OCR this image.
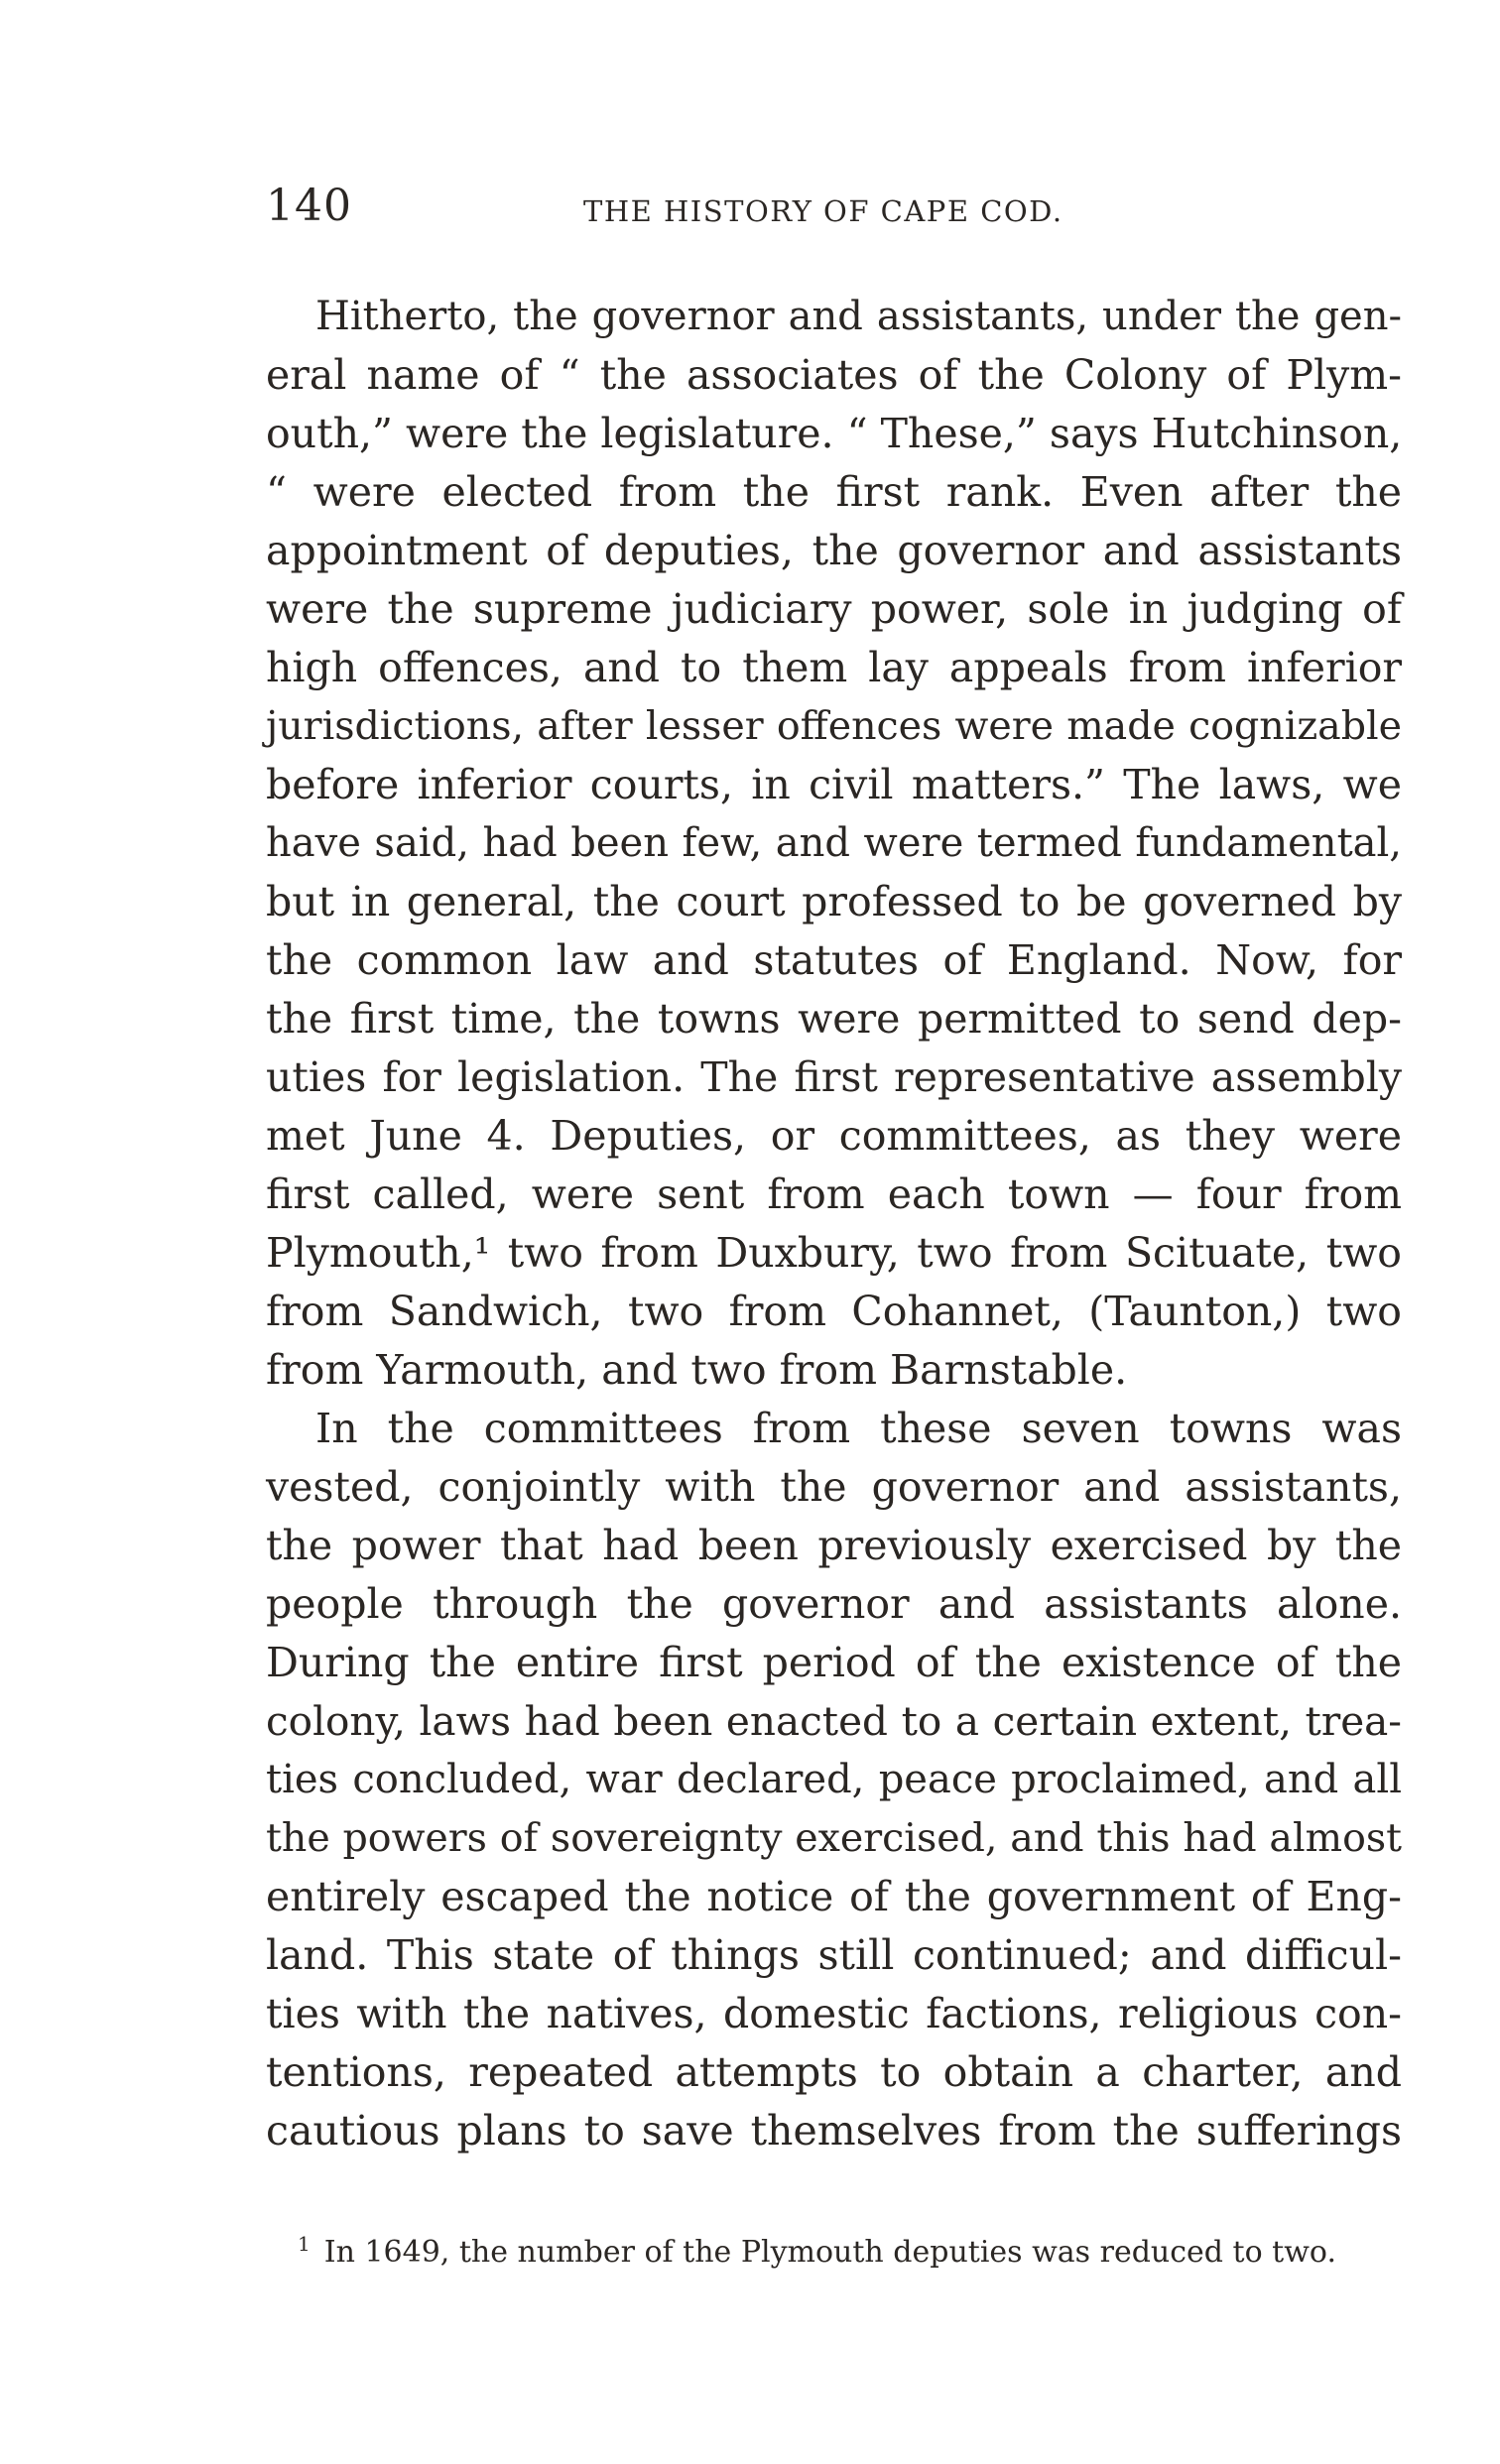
140	THE HISTORY OF CAPE COD.
Hitherto, the governor and assistants, under the gen-
eral name of “ the associates of the Colony of Plym-
outh,” were the legislature. “ These,” says Hutchinson,
“ were elected from the first rank. Even after the
appointment of deputies, the governor and assistants
were the supreme judiciary power, sole in judging of
high offences, and to them lay appeals from inferior
jurisdictions, after lesser offences were made cognizable
before inferior courts, in civil matters.” The laws, we
have said, had been few, and were termed fundamental,
but in general, the court professed to be governed by
the common law and statutes of England. Now, for
the first time, the towns were permitted to send dep-
uties for legislation. The first representative assembly
met June 4. Deputies, or committees, as they were
first called, were sent from each town — four from
Plymouth,¹ two from Duxbury, two from Scituate, two
from Sandwich, two from Cohannet, (Taunton,) two
from Yarmouth, and two from Barnstable.
In the committees from these seven towns was
vested, conjointly with the governor and assistants,
the power that had been previously exercised by the
people through the governor and assistants alone.
During the entire first period of the existence of the
colony, laws had been enacted to a certain extent, trea-
ties concluded, war declared, peace proclaimed, and all
the powers of sovereignty exercised, and this had almost
entirely escaped the notice of the government of Eng-
land. This state of things still continued; and difficul-
ties with the natives, domestic factions, religious con-
tentions, repeated attempts to obtain a charter, and
cautious plans to save themselves from the sufferings
$^1$ In 1649, the number of the Plymouth deputies was reduced to two.
